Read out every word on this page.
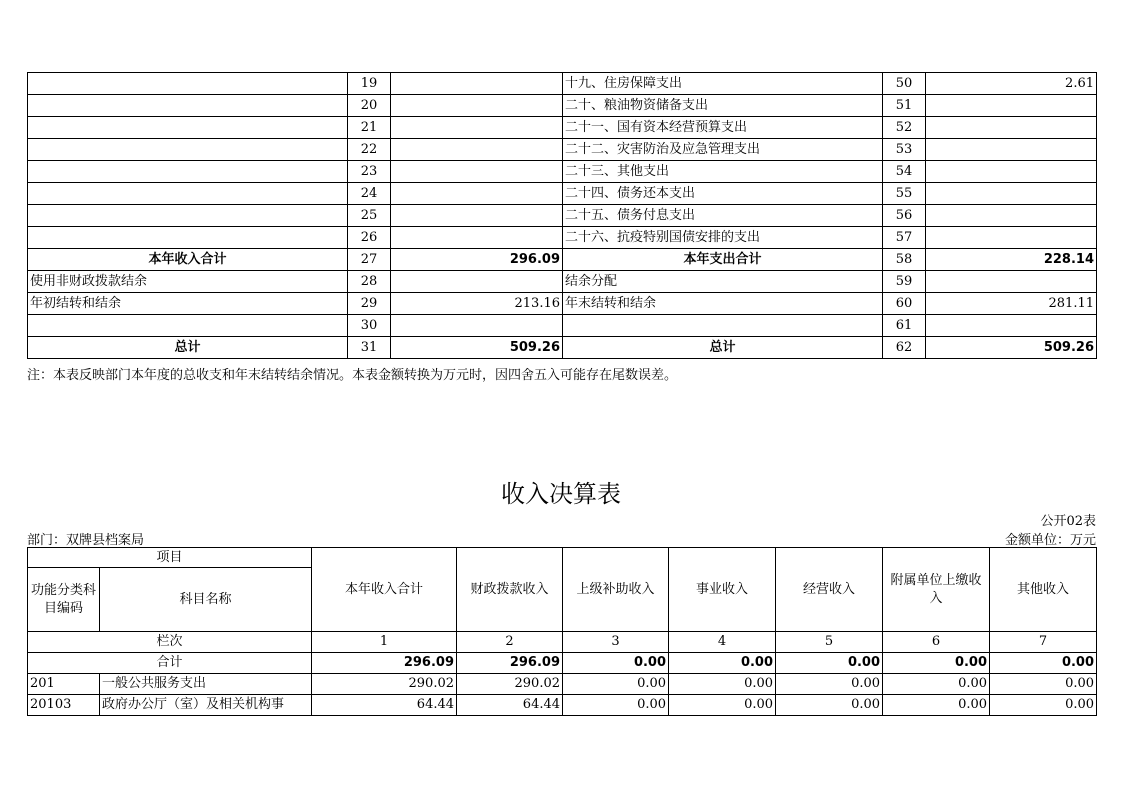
	19		十九、住房保障支出	50	2.61
	20		二十、粮油物资储备支出	51	
	21		二十一、国有资本经营预算支出	52	
	22		二十二、灾害防治及应急管理支出	53	
	23		二十三、其他支出	54	
	24		二十四、债务还本支出	55	
	25		二十五、债务付息支出	56	
	26		二十六、抗疫特别国债安排的支出	57	
本年收入合计	27	296.09	本年支出合计	58	228.14
使用非财政拨款结余	28		结余分配	59	
年初结转和结余	29	213.16	年末结转和结余	60	281.11
	30			61	
总计	31	509.26	总计	62	509.26
注：本表反映部门本年度的总收支和年末结转结余情况。本表金额转换为万元时，因四舍五入可能存在尾数误差。
收入决算表
公开02表
部门：双牌县档案局	金额单位：万元
项目		本年收入合计	财政拨款收入	上级补助收入	事业收入	经营收入	附属单位上缴收入	其他收入
功能分类科目编码	科目名称							
栏次		1	2	3	4	5	6	7
合计		296.09	296.09	0.00	0.00	0.00	0.00	0.00
201	一般公共服务支出	290.02	290.02	0.00	0.00	0.00	0.00	0.00
20103	政府办公厅（室）及相关机构事	64.44	64.44	0.00	0.00	0.00	0.00	0.00
